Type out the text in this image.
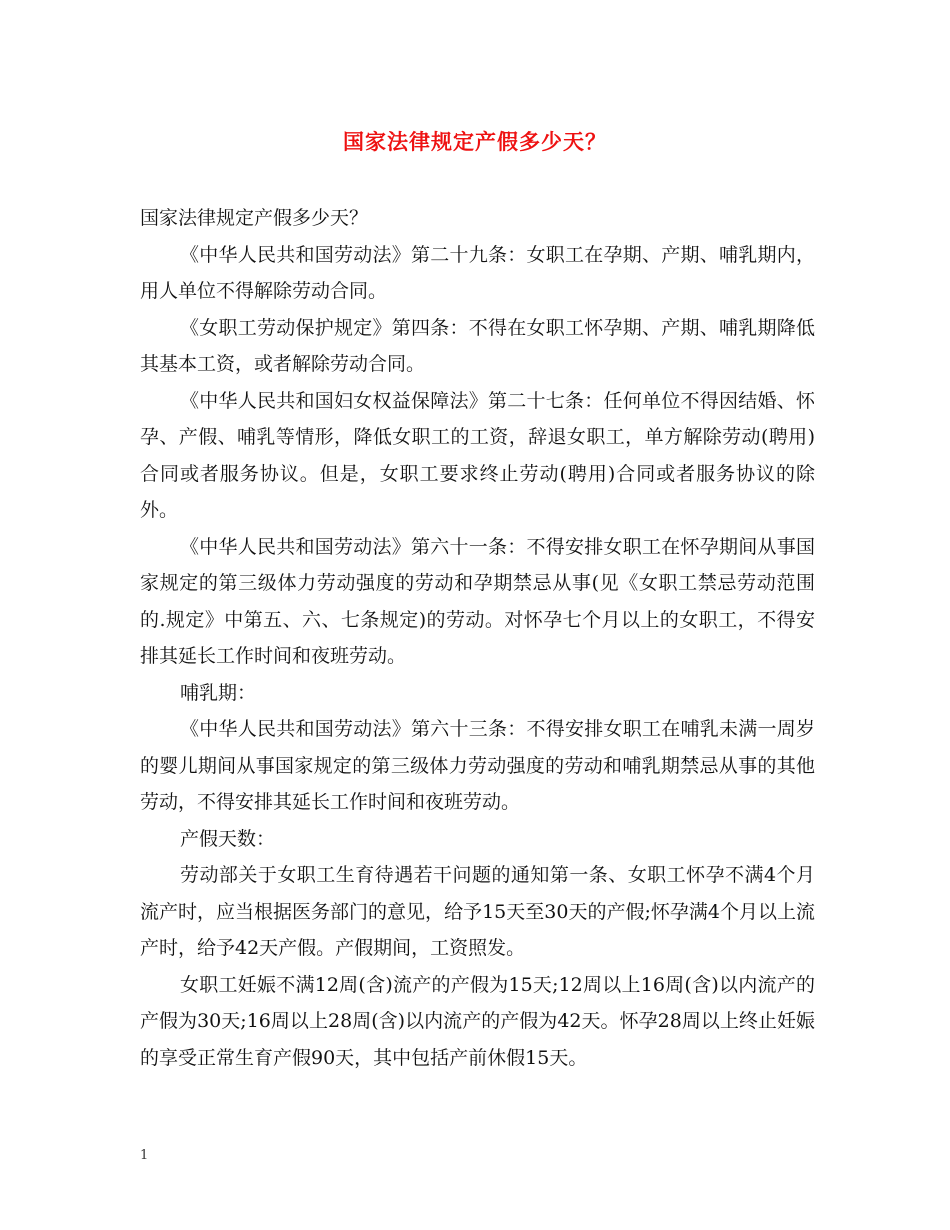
国家法律规定产假多少天？

国家法律规定产假多少天？

《中华人民共和国劳动法》第二十九条：女职工在孕期、产期、哺乳期内，用人单位不得解除劳动合同。

《女职工劳动保护规定》第四条：不得在女职工怀孕期、产期、哺乳期降低其基本工资，或者解除劳动合同。

《中华人民共和国妇女权益保障法》第二十七条：任何单位不得因结婚、怀孕、产假、哺乳等情形，降低女职工的工资，辞退女职工，单方解除劳动(聘用)合同或者服务协议。但是，女职工要求终止劳动(聘用)合同或者服务协议的除外。

《中华人民共和国劳动法》第六十一条：不得安排女职工在怀孕期间从事国家规定的第三级体力劳动强度的劳动和孕期禁忌从事(见《女职工禁忌劳动范围的.规定》中第五、六、七条规定)的劳动。对怀孕七个月以上的女职工，不得安排其延长工作时间和夜班劳动。

哺乳期：

《中华人民共和国劳动法》第六十三条：不得安排女职工在哺乳未满一周岁的婴儿期间从事国家规定的第三级体力劳动强度的劳动和哺乳期禁忌从事的其他劳动，不得安排其延长工作时间和夜班劳动。

产假天数：

劳动部关于女职工生育待遇若干问题的通知第一条、女职工怀孕不满4个月流产时，应当根据医务部门的意见，给予15天至30天的产假;怀孕满4个月以上流产时，给予42天产假。产假期间，工资照发。

女职工妊娠不满12周(含)流产的产假为15天;12周以上16周(含)以内流产的产假为30天;16周以上28周(含)以内流产的产假为42天。怀孕28周以上终止妊娠的享受正常生育产假90天，其中包括产前休假15天。

1
